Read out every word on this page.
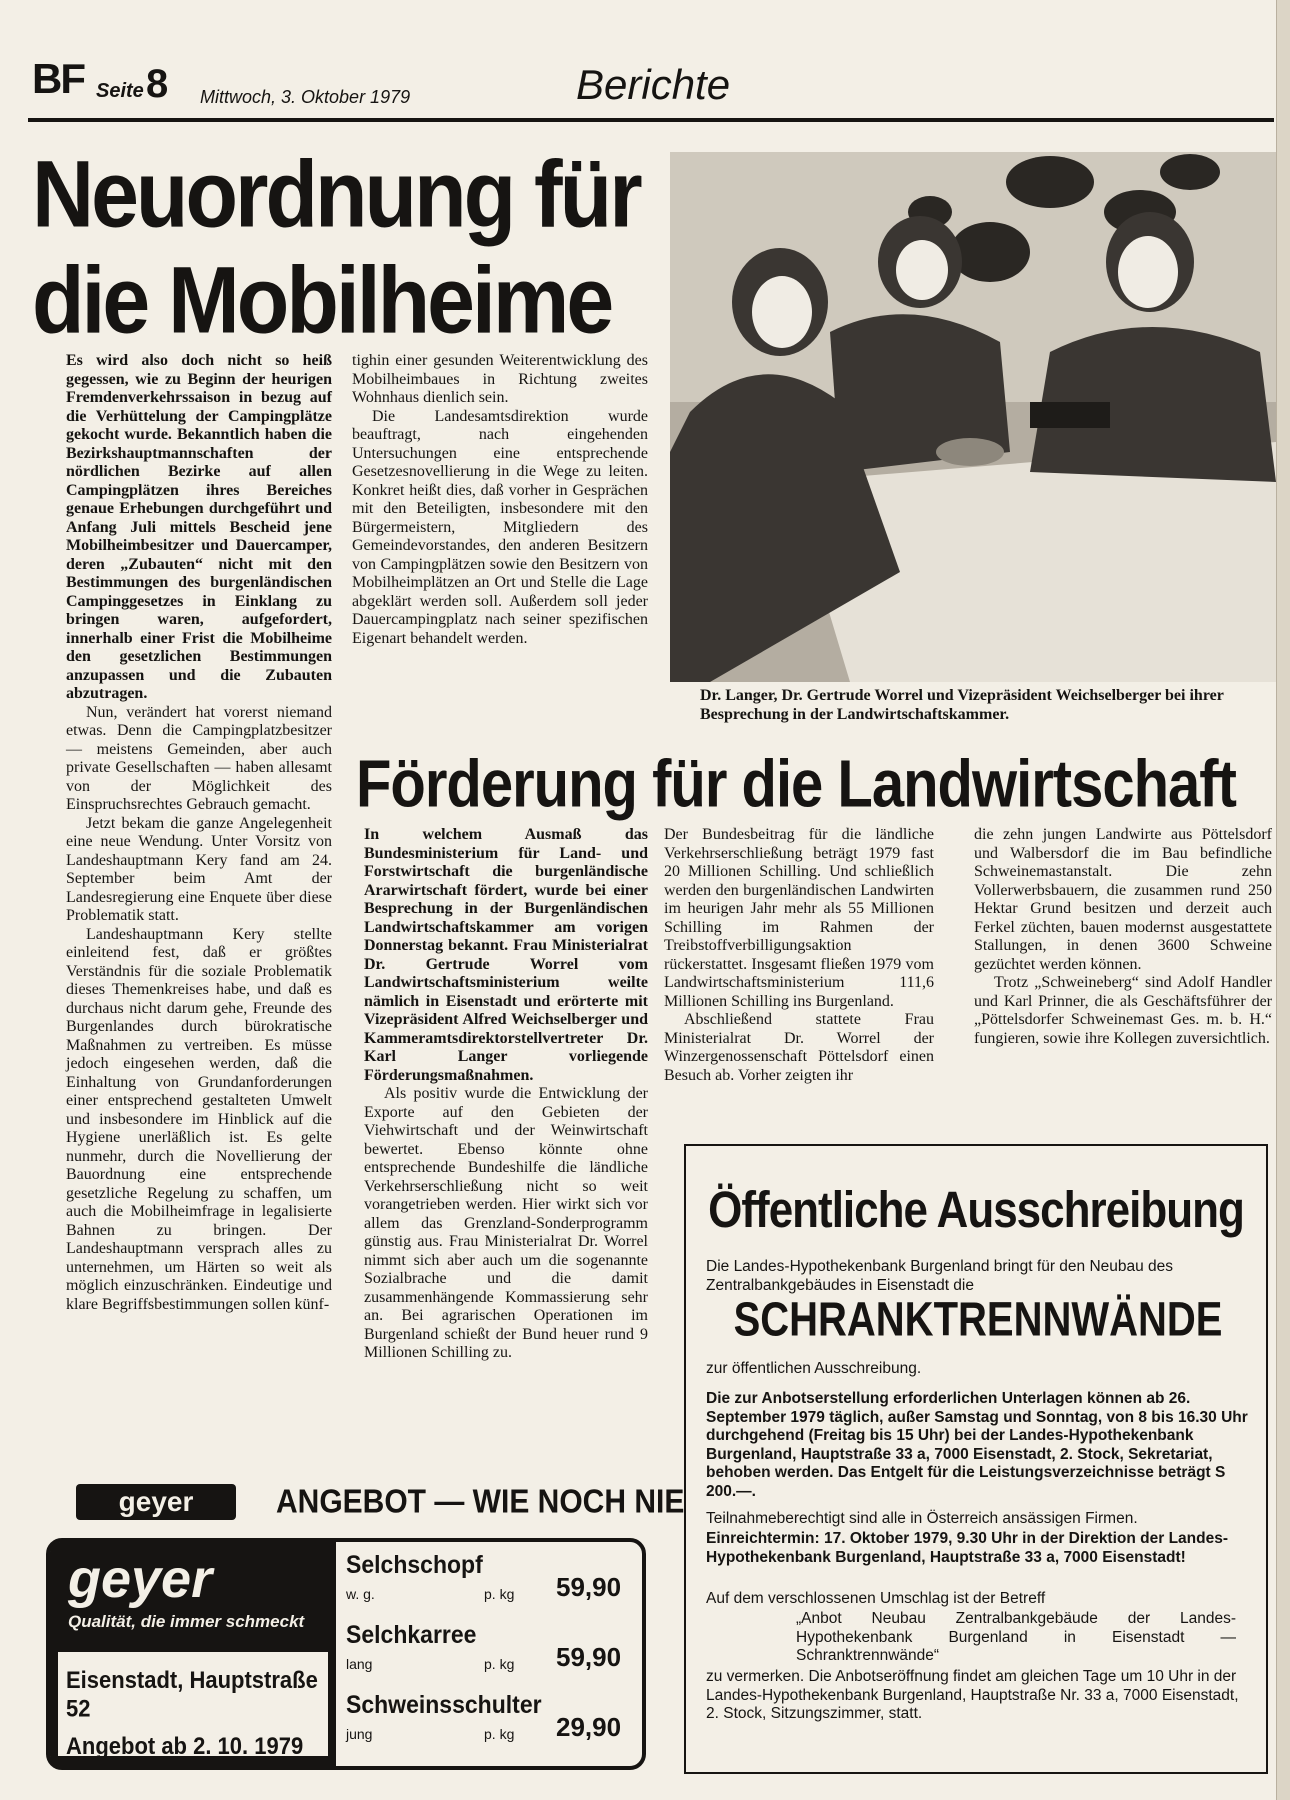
BF Seite 8 Mittwoch, 3. Oktober 1979	Berichte
Neuordnung für
die Mobilheime

Es wird also doch nicht so heiß gegessen, wie zu Beginn der heurigen Fremdenverkehrssaison in bezug auf die Verhüttelung der Campingplätze gekocht wurde. Bekanntlich haben die Bezirkshauptmannschaften der nördlichen Bezirke auf allen Campingplätzen ihres Bereiches genaue Erhebungen durchgeführt und Anfang Juli mittels Bescheid jene Mobilheimbesitzer und Dauercamper, deren „Zubauten“ nicht mit den Bestimmungen des burgenländischen Campinggesetzes in Einklang zu bringen waren, aufgefordert, innerhalb einer Frist die Mobilheime den gesetzlichen Bestimmungen anzupassen und die Zubauten abzutragen.

Nun, verändert hat vorerst niemand etwas. Denn die Campingplatzbesitzer — meistens Gemeinden, aber auch private Gesellschaften — haben allesamt von der Möglichkeit des Einspruchsrechtes Gebrauch gemacht.

Jetzt bekam die ganze Angelegenheit eine neue Wendung. Unter Vorsitz von Landeshauptmann Kery fand am 24. September beim Amt der Landesregierung eine Enquete über diese Problematik statt.

Landeshauptmann Kery stellte einleitend fest, daß er größtes Verständnis für die soziale Problematik dieses Themenkreises habe, und daß es durchaus nicht darum gehe, Freunde des Burgenlandes durch bürokratische Maßnahmen zu vertreiben. Es müsse jedoch eingesehen werden, daß die Einhaltung von Grundanforderungen einer entsprechend gestalteten Umwelt und insbesondere im Hinblick auf die Hygiene unerläßlich ist. Es gelte nunmehr, durch die Novellierung der Bauordnung eine entsprechende gesetzliche Regelung zu schaffen, um auch die Mobilheimfrage in legalisierte Bahnen zu bringen. Der Landeshauptmann versprach alles zu unternehmen, um Härten so weit als möglich einzuschränken. Eindeutige und klare Begriffsbestimmungen sollen künf-

tighin einer gesunden Weiterentwicklung des Mobilheimbaues in Richtung zweites Wohnhaus dienlich sein.

Die Landesamtsdirektion wurde beauftragt, nach eingehenden Untersuchungen eine entsprechende Gesetzesnovellierung in die Wege zu leiten. Konkret heißt dies, daß vorher in Gesprächen mit den Beteiligten, insbesondere mit den Bürgermeistern, Mitgliedern des Gemeindevorstandes, den anderen Besitzern von Campingplätzen sowie den Besitzern von Mobilheimplätzen an Ort und Stelle die Lage abgeklärt werden soll. Außerdem soll jeder Dauercampingplatz nach seiner spezifischen Eigenart behandelt werden.

Dr. Langer, Dr. Gertrude Worrel und Vizepräsident Weichselberger bei ihrer Besprechung in der Landwirtschaftskammer.
Förderung für die Landwirtschaft

In welchem Ausmaß das Bundesministerium für Land- und Forstwirtschaft die burgenländische Ararwirtschaft fördert, wurde bei einer Besprechung in der Burgenländischen Landwirtschaftskammer am vorigen Donnerstag bekannt. Frau Ministerialrat Dr. Gertrude Worrel vom Landwirtschaftsministerium weilte nämlich in Eisenstadt und erörterte mit Vizepräsident Alfred Weichselberger und Kammeramtsdirektorstellvertreter Dr. Karl Langer vorliegende Förderungsmaßnahmen.

Als positiv wurde die Entwicklung der Exporte auf den Gebieten der Viehwirtschaft und der Weinwirtschaft bewertet. Ebenso könnte ohne entsprechende Bundeshilfe die ländliche Verkehrserschließung nicht so weit vorangetrieben werden. Hier wirkt sich vor allem das Grenzland-Sonderprogramm günstig aus. Frau Ministerialrat Dr. Worrel nimmt sich aber auch um die sogenannte Sozialbrache und die damit zusammenhängende Kommassierung sehr an. Bei agrarischen Operationen im Burgenland schießt der Bund heuer rund 9 Millionen Schilling zu.

Der Bundesbeitrag für die ländliche Verkehrserschließung beträgt 1979 fast 20 Millionen Schilling. Und schließlich werden den burgenländischen Landwirten im heurigen Jahr mehr als 55 Millionen Schilling im Rahmen der Treibstoffverbilligungsaktion rückerstattet. Insgesamt fließen 1979 vom Landwirtschaftsministerium 111,6 Millionen Schilling ins Burgenland.

Abschließend stattete Frau Ministerialrat Dr. Worrel der Winzergenossenschaft Pöttelsdorf einen Besuch ab. Vorher zeigten ihr

die zehn jungen Landwirte aus Pöttelsdorf und Walbersdorf die im Bau befindliche Schweinemastanstalt. Die zehn Vollerwerbsbauern, die zusammen rund 250 Hektar Grund besitzen und derzeit auch Ferkel züchten, bauen modernst ausgestattete Stallungen, in denen 3600 Schweine gezüchtet werden können.

Trotz „Schweineberg“ sind Adolf Handler und Karl Prinner, die als Geschäftsführer der „Pöttelsdorfer Schweinemast Ges. m. b. H.“ fungieren, sowie ihre Kollegen zuversichtlich.

Öffentliche Ausschreibung
Die Landes-Hypothekenbank Burgenland bringt für den Neubau des Zentralbankgebäudes in Eisenstadt die
SCHRANKTRENNWÄNDE
zur öffentlichen Ausschreibung.
Die zur Anbotserstellung erforderlichen Unterlagen können ab 26. September 1979 täglich, außer Samstag und Sonntag, von 8 bis 16.30 Uhr durchgehend (Freitag bis 15 Uhr) bei der Landes-Hypothekenbank Burgenland, Hauptstraße 33 a, 7000 Eisenstadt, 2. Stock, Sekretariat, behoben werden. Das Entgelt für die Leistungsverzeichnisse beträgt S 200.—.
Teilnahmeberechtigt sind alle in Österreich ansässigen Firmen.
Einreichtermin: 17. Oktober 1979, 9.30 Uhr in der Direktion der Landes-Hypothekenbank Burgenland, Hauptstraße 33 a, 7000 Eisenstadt!
Auf dem verschlossenen Umschlag ist der Betreff
„Anbot Neubau Zentralbankgebäude der Landes-Hypothekenbank Burgenland in Eisenstadt — Schranktrennwände“
zu vermerken. Die Anbotseröffnung findet am gleichen Tage um 10 Uhr in der Landes-Hypothekenbank Burgenland, Hauptstraße Nr. 33 a, 7000 Eisenstadt, 2. Stock, Sitzungszimmer, statt.
geyer	ANGEBOT — WIE NOCH NIE
geyer
Qualität, die immer schmeckt
Eisenstadt, Hauptstraße 52
Angebot ab 2. 10. 1979
Selchschopf
w. g.	p. kg 59,90
Selchkarree
lang	p. kg 59,90
Schweinsschulter
jung	p. kg 29,90
